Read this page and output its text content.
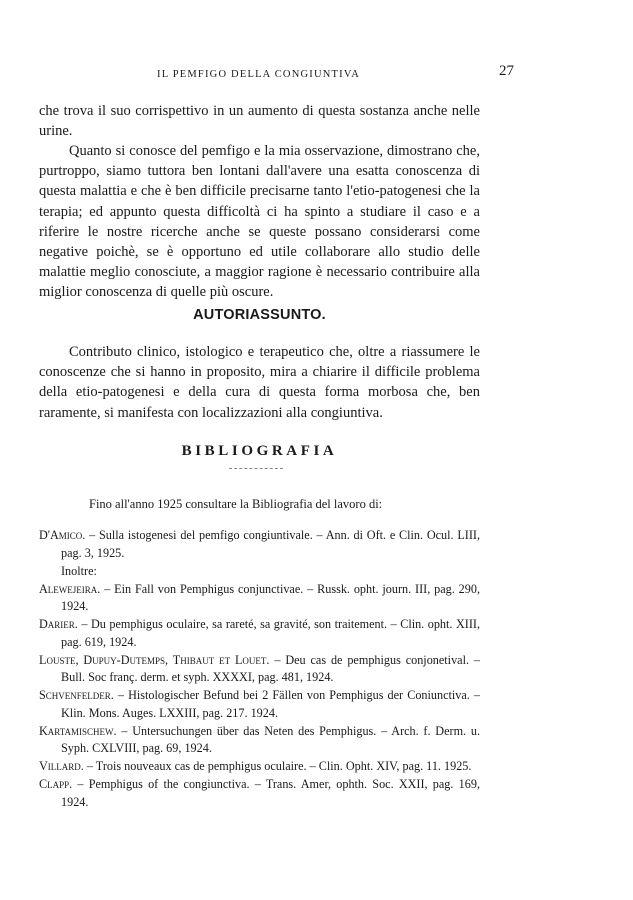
IL PEMFIGO DELLA CONGIUNTIVA	27

che trova il suo corrispettivo in un aumento di questa sostanza anche nelle urine.

Quanto si conosce del pemfigo e la mia osservazione, dimostrano che, purtroppo, siamo tuttora ben lontani dall'avere una esatta conoscenza di questa malattia e che è ben difficile precisarne tanto l'etio-patogenesi che la terapia; ed appunto questa difficoltà ci ha spinto a studiare il caso e a riferire le nostre ricerche anche se queste possano considerarsi come negative poichè, se è opportuno ed utile collaborare allo studio delle malattie meglio conosciute, a maggior ragione è necessario contribuire alla miglior conoscenza di quelle più oscure.

AUTORIASSUNTO.

Contributo clinico, istologico e terapeutico che, oltre a riassumere le conoscenze che si hanno in proposito, mira a chiarire il difficile problema della etio-patogenesi e della cura di questa forma morbosa che, ben raramente, si manifesta con localizzazioni alla congiuntiva.

BIBLIOGRAFIA

Fino all'anno 1925 consultare la Bibliografia del lavoro di:

D'Amico. – Sulla istogenesi del pemfigo congiuntivale. – Ann. di Oft. e Clin. Ocul. LIII, pag. 3, 1925.

Inoltre:

Alewejeira. – Ein Fall von Pemphigus conjunctivae. – Russk. opht. journ. III, pag. 290, 1924.

Darier. – Du pemphigus oculaire, sa rareté, sa gravité, son traitement. – Clin. opht. XIII, pag. 619, 1924.

Louste, Dupuy-Dutemps, Thibaut et Louet. – Deu cas de pemphigus conjonetival. – Bull. Soc franç. derm. et syph. XXXXI, pag. 481, 1924.

Schvenfelder. – Histologischer Befund bei 2 Fällen von Pemphigus der Coniunctiva. – Klin. Mons. Auges. LXXIII, pag. 217. 1924.

Kartamischew. – Untersuchungen über das Neten des Pemphigus. – Arch. f. Derm. u. Syph. CXLVIII, pag. 69, 1924.

Villard. – Trois nouveaux cas de pemphigus oculaire. – Clin. Opht. XIV, pag. 11. 1925.

Clapp. – Pemphigus of the congiunctiva. – Trans. Amer, ophth. Soc. XXII, pag. 169, 1924.
